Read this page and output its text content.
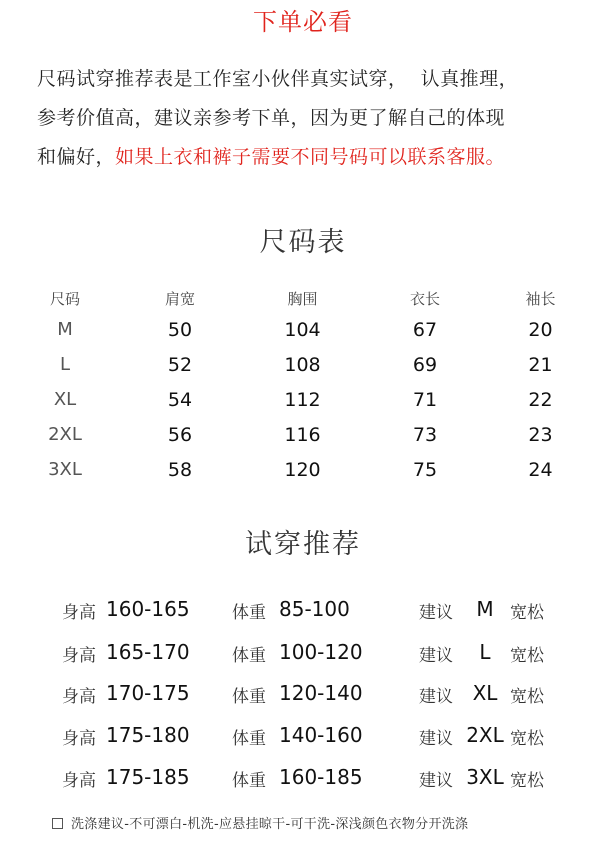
下单必看
尺码试穿推荐表是工作室小伙伴真实试穿，  认真推理，
参考价值高，建议亲参考下单，因为更了解自己的体现
和偏好，如果上衣和裤子需要不同号码可以联系客服。
尺码表
尺码	肩宽	胸围	衣长	袖长
M	50	104	67	20
L	52	108	69	21
XL	54	112	71	22
2XL	56	116	73	23
3XL	58	120	75	24
试穿推荐
身高 160-165 体重 85-100	建议	M 宽松
身高 165-170 体重 100-120	建议	L	宽松
身高 170-175 体重 120-140	建议 XL 宽松
身高 175-180 体重 140-160	建议 2XL 宽松
身高 175-185 体重 160-185	建议 3XL 宽松
洗涤建议-不可漂白-机洗-应悬挂晾干-可干洗-深浅颜色衣物分开洗涤
